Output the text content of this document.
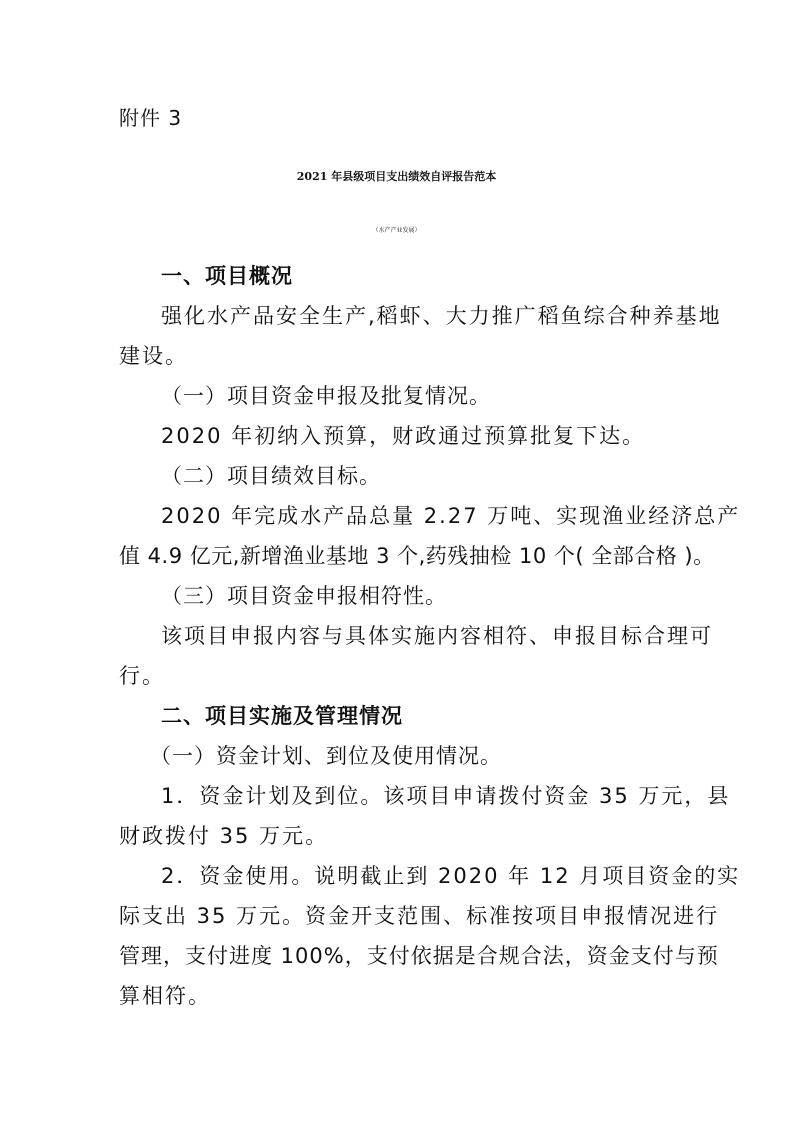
附件 3
2021 年县级项目支出绩效自评报告范本
（水产产业发展）
一、项目概况
强化水产品安全生产,稻虾、大力推广稻鱼综合种养基地
建设。
（一）项目资金申报及批复情况。
2020 年初纳入预算，财政通过预算批复下达。
（二）项目绩效目标。
2020 年完成水产品总量 2.27 万吨、实现渔业经济总产
值 4.9 亿元,新增渔业基地 3 个,药残抽检 10 个( 全部合格 )。
（三）项目资金申报相符性。
该项目申报内容与具体实施内容相符、申报目标合理可
行。
二、项目实施及管理情况
（一）资金计划、到位及使用情况。
1．资金计划及到位。该项目申请拨付资金 35 万元，县
财政拨付 35 万元。
2．资金使用。说明截止到 2020 年 12 月项目资金的实
际支出 35 万元。资金开支范围、标准按项目申报情况进行
管理，支付进度 100%，支付依据是合规合法，资金支付与预
算相符。
